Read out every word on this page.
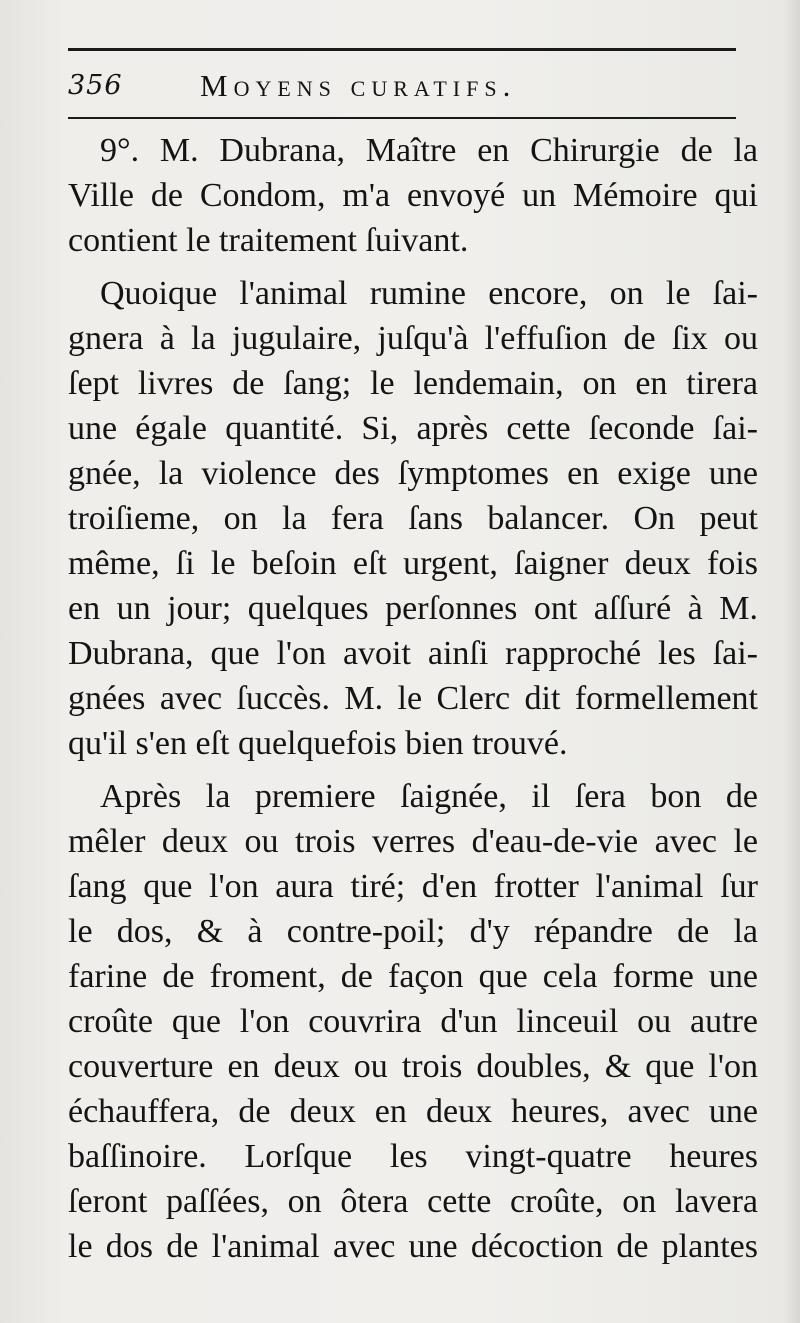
356 Moyens curatifs.
9°. M. Dubrana, Maître en Chirurgie de la
Ville de Condom, m'a envoyé un Mémoire qui
contient le traitement ſuivant.
Quoique l'animal rumine encore, on le ſai-
gnera à la jugulaire, juſqu'à l'effuſion de ſix ou
ſept livres de ſang; le lendemain, on en tirera
une égale quantité. Si, après cette ſeconde ſai-
gnée, la violence des ſymptomes en exige une
troiſieme, on la fera ſans balancer. On peut
même, ſi le beſoin eſt urgent, ſaigner deux fois
en un jour; quelques perſonnes ont aſſuré à M.
Dubrana, que l'on avoit ainſi rapproché les ſai-
gnées avec ſuccès. M. le Clerc dit formellement
qu'il s'en eſt quelquefois bien trouvé.
Après la premiere ſaignée, il ſera bon de
mêler deux ou trois verres d'eau-de-vie avec le
ſang que l'on aura tiré; d'en frotter l'animal ſur
le dos, & à contre-poil; d'y répandre de la
farine de froment, de façon que cela forme une
croûte que l'on couvrira d'un linceuil ou autre
couverture en deux ou trois doubles, & que l'on
échauffera, de deux en deux heures, avec une
baſſinoire. Lorſque les vingt-quatre heures
ſeront paſſées, on ôtera cette croûte, on lavera
le dos de l'animal avec une décoction de plantes
